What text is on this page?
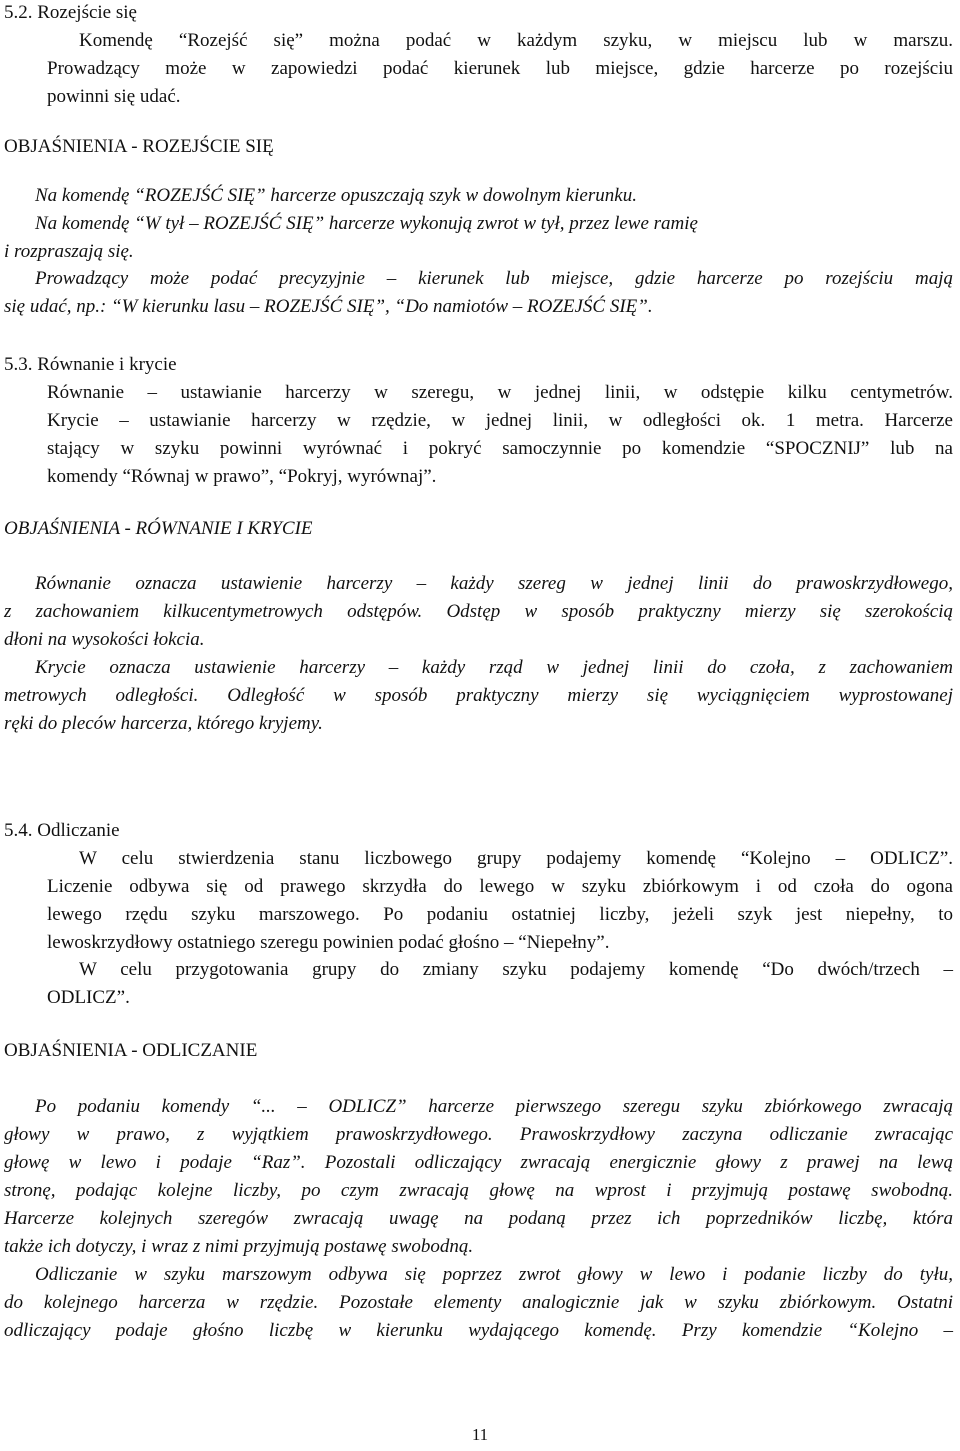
5.2. Rozejście się

Komendę “Rozejść się” można podać w każdym szyku, w miejscu lub w marszu.

Prowadzący może w zapowiedzi podać kierunek lub miejsce, gdzie harcerze po rozejściu

powinni się udać.

OBJAŚNIENIA - ROZEJŚCIE SIĘ

Na komendę “ROZEJŚĆ SIĘ” harcerze opuszczają szyk w dowolnym kierunku.

Na komendę “W tył – ROZEJŚĆ SIĘ” harcerze wykonują zwrot w tył, przez lewe ramię

i rozpraszają się.

Prowadzący może podać precyzyjnie – kierunek lub miejsce, gdzie harcerze po rozejściu mają

się udać, np.: “W kierunku lasu – ROZEJŚĆ SIĘ”, “Do namiotów – ROZEJŚĆ SIĘ”.

5.3. Równanie i krycie

Równanie – ustawianie harcerzy w szeregu, w jednej linii, w odstępie kilku centymetrów.

Krycie – ustawianie harcerzy w rzędzie, w jednej linii, w odległości ok. 1 metra. Harcerze

stający w szyku powinni wyrównać i pokryć samoczynnie po komendzie “SPOCZNIJ” lub na

komendy “Równaj w prawo”, “Pokryj, wyrównaj”.

OBJAŚNIENIA - RÓWNANIE I KRYCIE

Równanie oznacza ustawienie harcerzy – każdy szereg w jednej linii do prawoskrzydłowego,

z zachowaniem kilkucentymetrowych odstępów. Odstęp w sposób praktyczny mierzy się szerokością

dłoni na wysokości łokcia.

Krycie oznacza ustawienie harcerzy – każdy rząd w jednej linii do czoła, z zachowaniem

metrowych odległości. Odległość w sposób praktyczny mierzy się wyciągnięciem wyprostowanej

ręki do pleców harcerza, którego kryjemy.

5.4. Odliczanie

W celu stwierdzenia stanu liczbowego grupy podajemy komendę “Kolejno – ODLICZ”.

Liczenie odbywa się od prawego skrzydła do lewego w szyku zbiórkowym i od czoła do ogona

lewego rzędu szyku marszowego. Po podaniu ostatniej liczby, jeżeli szyk jest niepełny, to

lewoskrzydłowy ostatniego szeregu powinien podać głośno – “Niepełny”.

W celu przygotowania grupy do zmiany szyku podajemy komendę “Do dwóch/trzech –

ODLICZ”.

OBJAŚNIENIA - ODLICZANIE

Po podaniu komendy “... – ODLICZ” harcerze pierwszego szeregu szyku zbiórkowego zwracają

głowy w prawo, z wyjątkiem prawoskrzydłowego. Prawoskrzydłowy zaczyna odliczanie zwracając

głowę w lewo i podaje “Raz”. Pozostali odliczający zwracają energicznie głowy z prawej na lewą

stronę, podając kolejne liczby, po czym zwracają głowę na wprost i przyjmują postawę swobodną.

Harcerze kolejnych szeregów zwracają uwagę na podaną przez ich poprzedników liczbę, która

także ich dotyczy, i wraz z nimi przyjmują postawę swobodną.

Odliczanie w szyku marszowym odbywa się poprzez zwrot głowy w lewo i podanie liczby do tyłu,

do kolejnego harcerza w rzędzie. Pozostałe elementy analogicznie jak w szyku zbiórkowym. Ostatni

odliczający podaje głośno liczbę w kierunku wydającego komendę. Przy komendzie “Kolejno –

11
